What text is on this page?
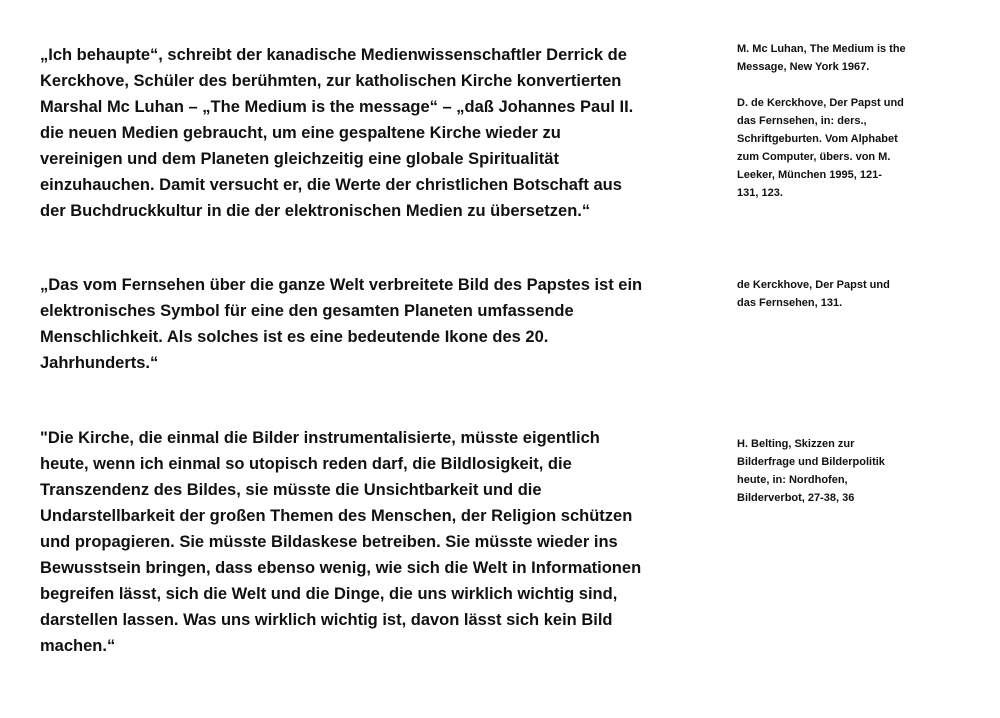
„Ich behaupte“, schreibt der kanadische Medienwissenschaftler Derrick de
Kerckhove, Schüler des berühmten, zur katholischen Kirche konvertierten
Marshal Mc Luhan – „The Medium is the message“ – „daß Johannes Paul II.
die neuen Medien gebraucht, um eine gespaltene Kirche wieder zu
vereinigen und dem Planeten gleichzeitig eine globale Spiritualität
einzuhauchen. Damit versucht er, die Werte der christlichen Botschaft aus
der Buchdruckkultur in die der elektronischen Medien zu übersetzen.“
„Das vom Fernsehen über die ganze Welt verbreitete Bild des Papstes ist ein
elektronisches Symbol für eine den gesamten Planeten umfassende
Menschlichkeit. Als solches ist es eine bedeutende Ikone des 20.
Jahrhunderts.“
"Die Kirche, die einmal die Bilder instrumentalisierte, müsste eigentlich
heute, wenn ich einmal so utopisch reden darf, die Bildlosigkeit, die
Transzendenz des Bildes, sie müsste die Unsichtbarkeit und die
Undarstellbarkeit der großen Themen des Menschen, der Religion schützen
und propagieren. Sie müsste Bildaskese betreiben. Sie müsste wieder ins
Bewusstsein bringen, dass ebenso wenig, wie sich die Welt in Informationen
begreifen lässt, sich die Welt und die Dinge, die uns wirklich wichtig sind,
darstellen lassen. Was uns wirklich wichtig ist, davon lässt sich kein Bild
machen.“
M. Mc Luhan, The Medium is the
Message, New York 1967.
D. de Kerckhove, Der Papst und
das Fernsehen, in: ders.,
Schriftgeburten. Vom Alphabet
zum Computer, übers. von M.
Leeker, München 1995, 121-
131, 123.
de Kerckhove, Der Papst und
das Fernsehen, 131.
H. Belting, Skizzen zur
Bilderfrage und Bilderpolitik
heute, in: Nordhofen,
Bilderverbot, 27-38, 36
